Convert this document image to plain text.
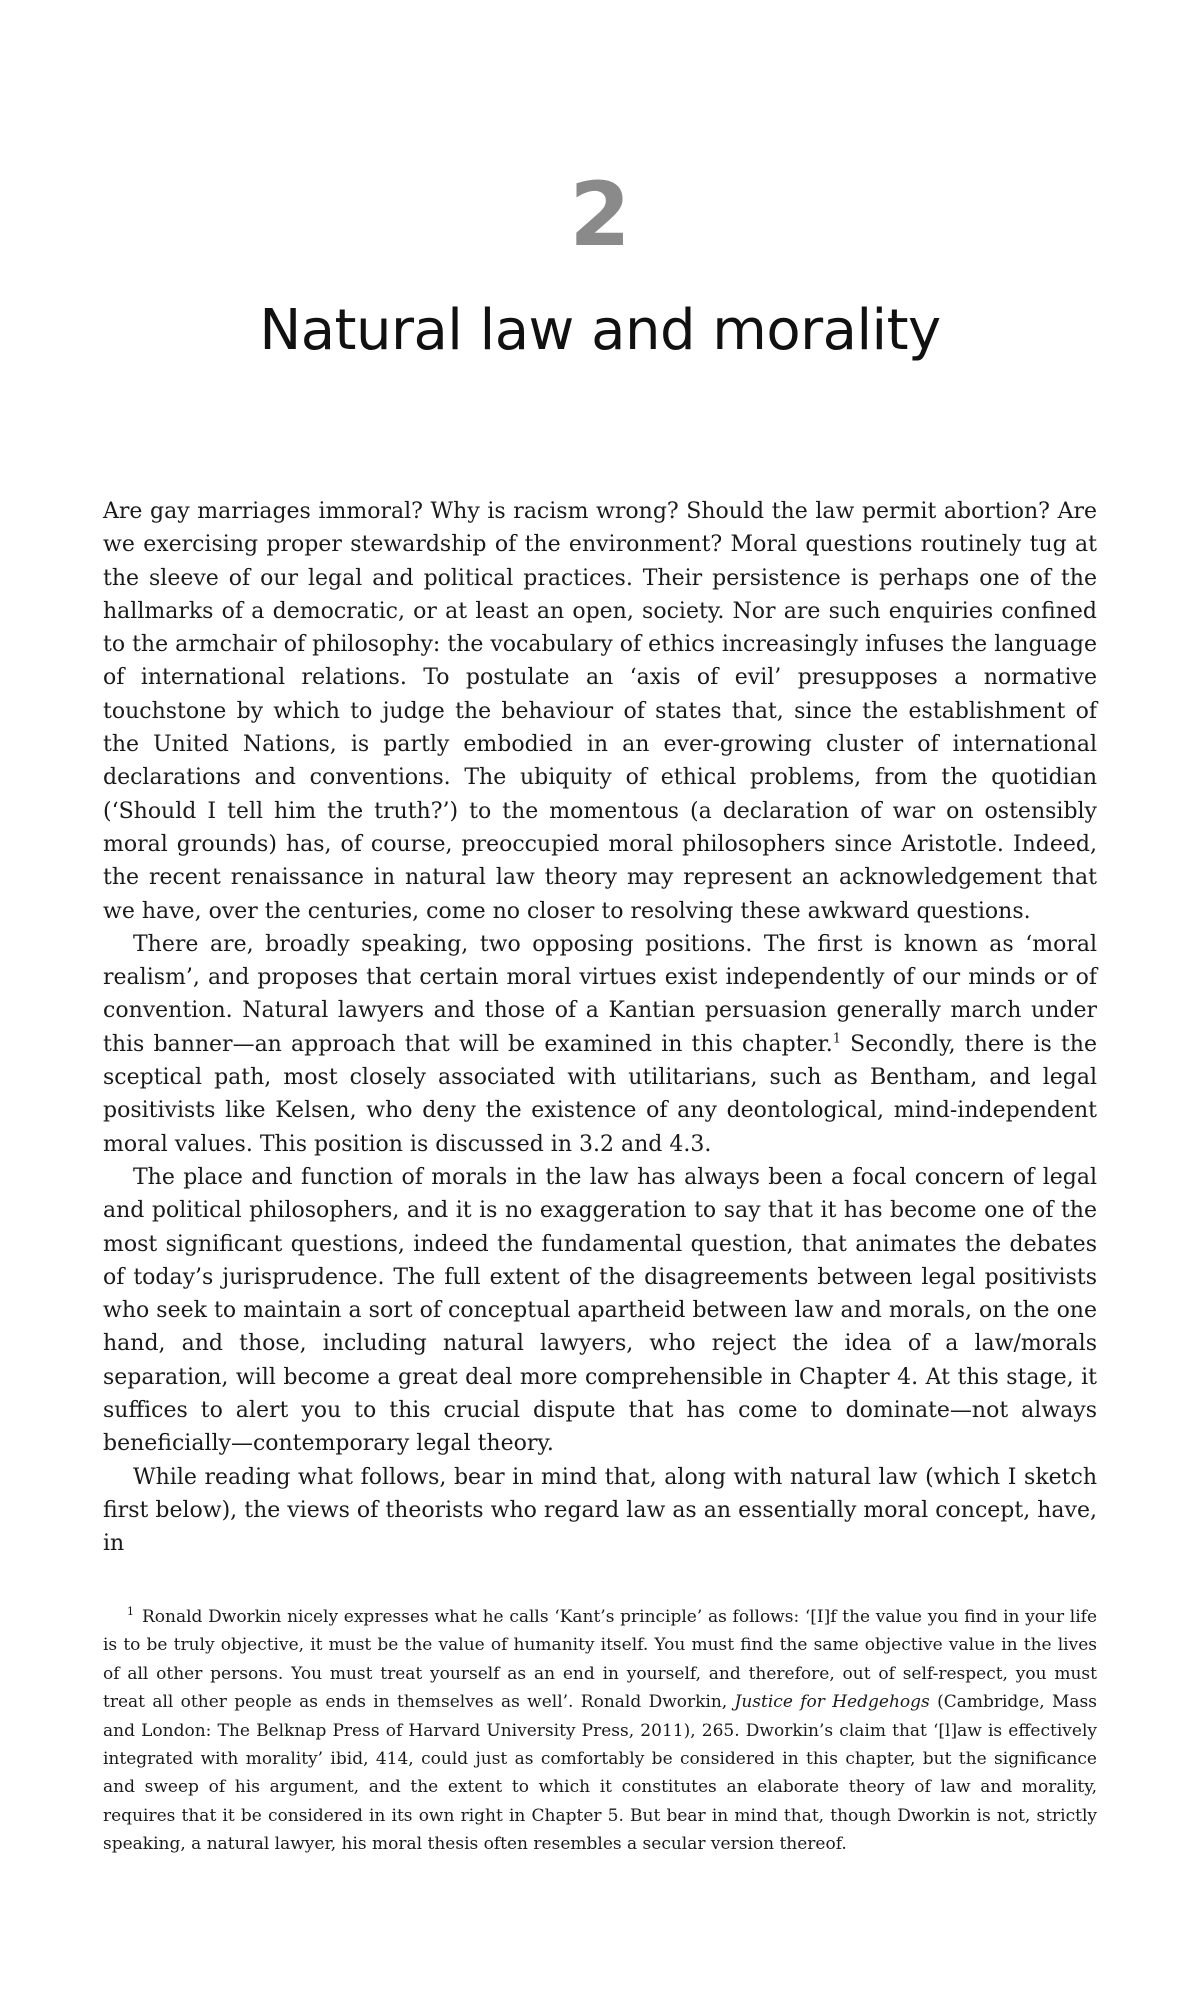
2
Natural law and morality

Are gay marriages immoral? Why is racism wrong? Should the law permit abortion? Are we exercising proper stewardship of the environment? Moral questions routinely tug at the sleeve of our legal and political practices. Their persistence is perhaps one of the hallmarks of a democratic, or at least an open, society. Nor are such enquiries confined to the armchair of philosophy: the vocabulary of ethics increasingly infuses the language of international relations. To postulate an ‘axis of evil’ presupposes a normative touchstone by which to judge the behaviour of states that, since the establishment of the United Nations, is partly embodied in an ever-growing cluster of international declarations and conventions. The ubiquity of ethical problems, from the quotidian (‘Should I tell him the truth?’) to the momentous (a declaration of war on ostensibly moral grounds) has, of course, preoccupied moral philosophers since Aristotle. Indeed, the recent renaissance in natural law theory may represent an acknowledgement that we have, over the centuries, come no closer to resolving these awkward questions.

There are, broadly speaking, two opposing positions. The first is known as ‘moral realism’, and proposes that certain moral virtues exist independently of our minds or of convention. Natural lawyers and those of a Kantian persuasion generally march under this banner—an approach that will be examined in this chapter.$^1$ Secondly, there is the sceptical path, most closely associated with utilitarians, such as Bentham, and legal positivists like Kelsen, who deny the existence of any deontological, mind-independent moral values. This position is discussed in 3.2 and 4.3.

The place and function of morals in the law has always been a focal concern of legal and political philosophers, and it is no exaggeration to say that it has become one of the most significant questions, indeed the fundamental question, that animates the debates of today’s jurisprudence. The full extent of the disagreements between legal positivists who seek to maintain a sort of conceptual apartheid between law and morals, on the one hand, and those, including natural lawyers, who reject the idea of a law/morals separation, will become a great deal more comprehensible in Chapter 4. At this stage, it suffices to alert you to this crucial dispute that has come to dominate—not always beneficially—contemporary legal theory.

While reading what follows, bear in mind that, along with natural law (which I sketch first below), the views of theorists who regard law as an essentially moral concept, have, in

$^1$ Ronald Dworkin nicely expresses what he calls ‘Kant’s principle’ as follows: ‘[I]f the value you find in your life is to be truly objective, it must be the value of humanity itself. You must find the same objective value in the lives of all other persons. You must treat yourself as an end in yourself, and therefore, out of self-respect, you must treat all other people as ends in themselves as well’. Ronald Dworkin, Justice for Hedgehogs (Cambridge, Mass and London: The Belknap Press of Harvard University Press, 2011), 265. Dworkin’s claim that ‘[l]aw is effectively integrated with morality’ ibid, 414, could just as comfortably be considered in this chapter, but the significance and sweep of his argument, and the extent to which it constitutes an elaborate theory of law and morality, requires that it be considered in its own right in Chapter 5. But bear in mind that, though Dworkin is not, strictly speaking, a natural lawyer, his moral thesis often resembles a secular version thereof.
